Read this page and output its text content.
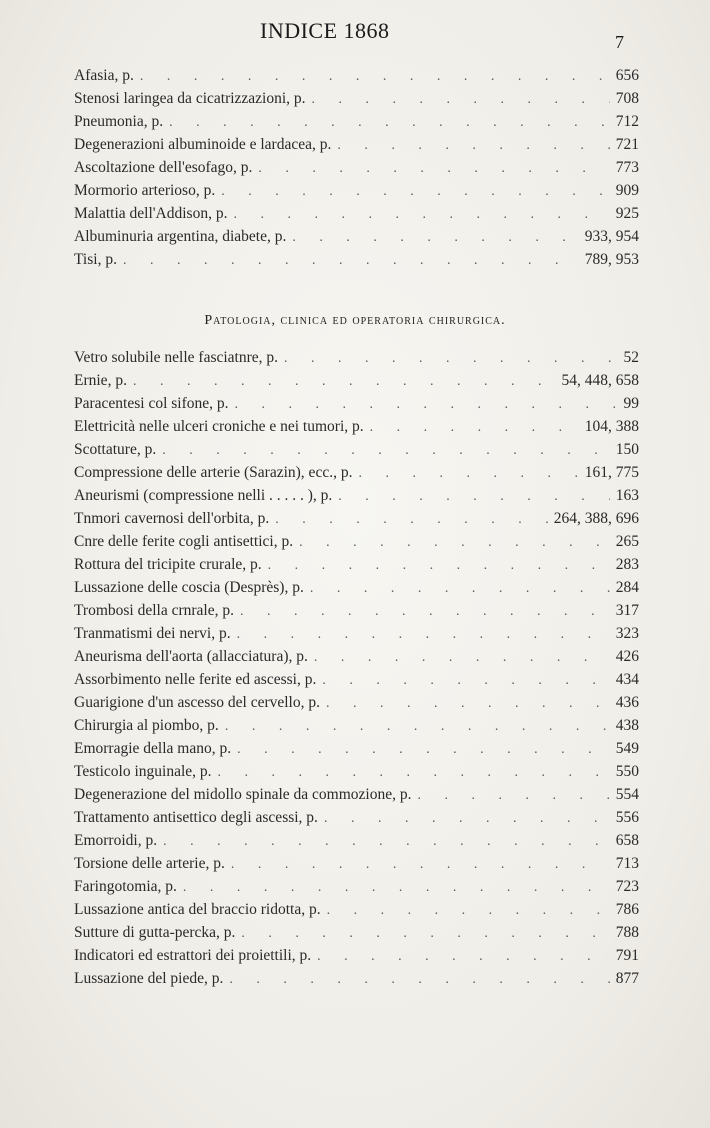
INDICE 1868	7
Afasia, p. . . .	656
Stenosi laringea da cicatrizzazioni, p. . . .	708
Pneumonia, p. . . .	712
Degenerazioni albuminoide e lardacea, p. . . .	721
Ascoltazione dell'esofago, p. . . .	773
Mormorio arterioso, p. . . .	909
Malattia dell'Addison, p. . . .	925
Albuminuria argentina, diabete, p. . . .	933, 954
Tisi, p. . . .	789, 953
Patologia, clinica ed operatoria chirurgica.
Vetro solubile nelle fasciatnre, p. . . .	52
Ernie, p. . . .	54, 448, 658
Paracentesi col sifone, p. . . .	99
Elettricità nelle ulceri croniche e nei tumori, p. . . .	104, 388
Scottature, p. . . .	150
Compressione delle arterie (Sarazin), ecc., p. . . .	161, 775
Aneurismi (compressione nelli . . . . . ), p. . . .	163
Tnmori cavernosi dell'orbita, p. . . .	264, 388, 696
Cnre delle ferite cogli antisettici, p. . . .	265
Rottura del tricipite crurale, p. . . .	283
Lussazione delle coscia (Desprès), p. . . .	284
Trombosi della crnrale, p. . . .	317
Tranmatismi dei nervi, p. . . .	323
Aneurisma dell'aorta (allacciatura), p. . . .	426
Assorbimento nelle ferite ed ascessi, p. . . .	434
Guarigione d'un ascesso del cervello, p. . . .	436
Chirurgia al piombo, p. . . .	438
Emorragie della mano, p. . . .	549
Testicolo inguinale, p. . . .	550
Degenerazione del midollo spinale da commozione, p. . . .	554
Trattamento antisettico degli ascessi, p. . . .	556
Emorroidi, p. . . .	658
Torsione delle arterie, p. . . .	713
Faringotomia, p. . . .	723
Lussazione antica del braccio ridotta, p. . . .	786
Sutture di gutta-percka, p. . . .	788
Indicatori ed estrattori dei proiettili, p. . . .	791
Lussazione del piede, p. . . .	877
